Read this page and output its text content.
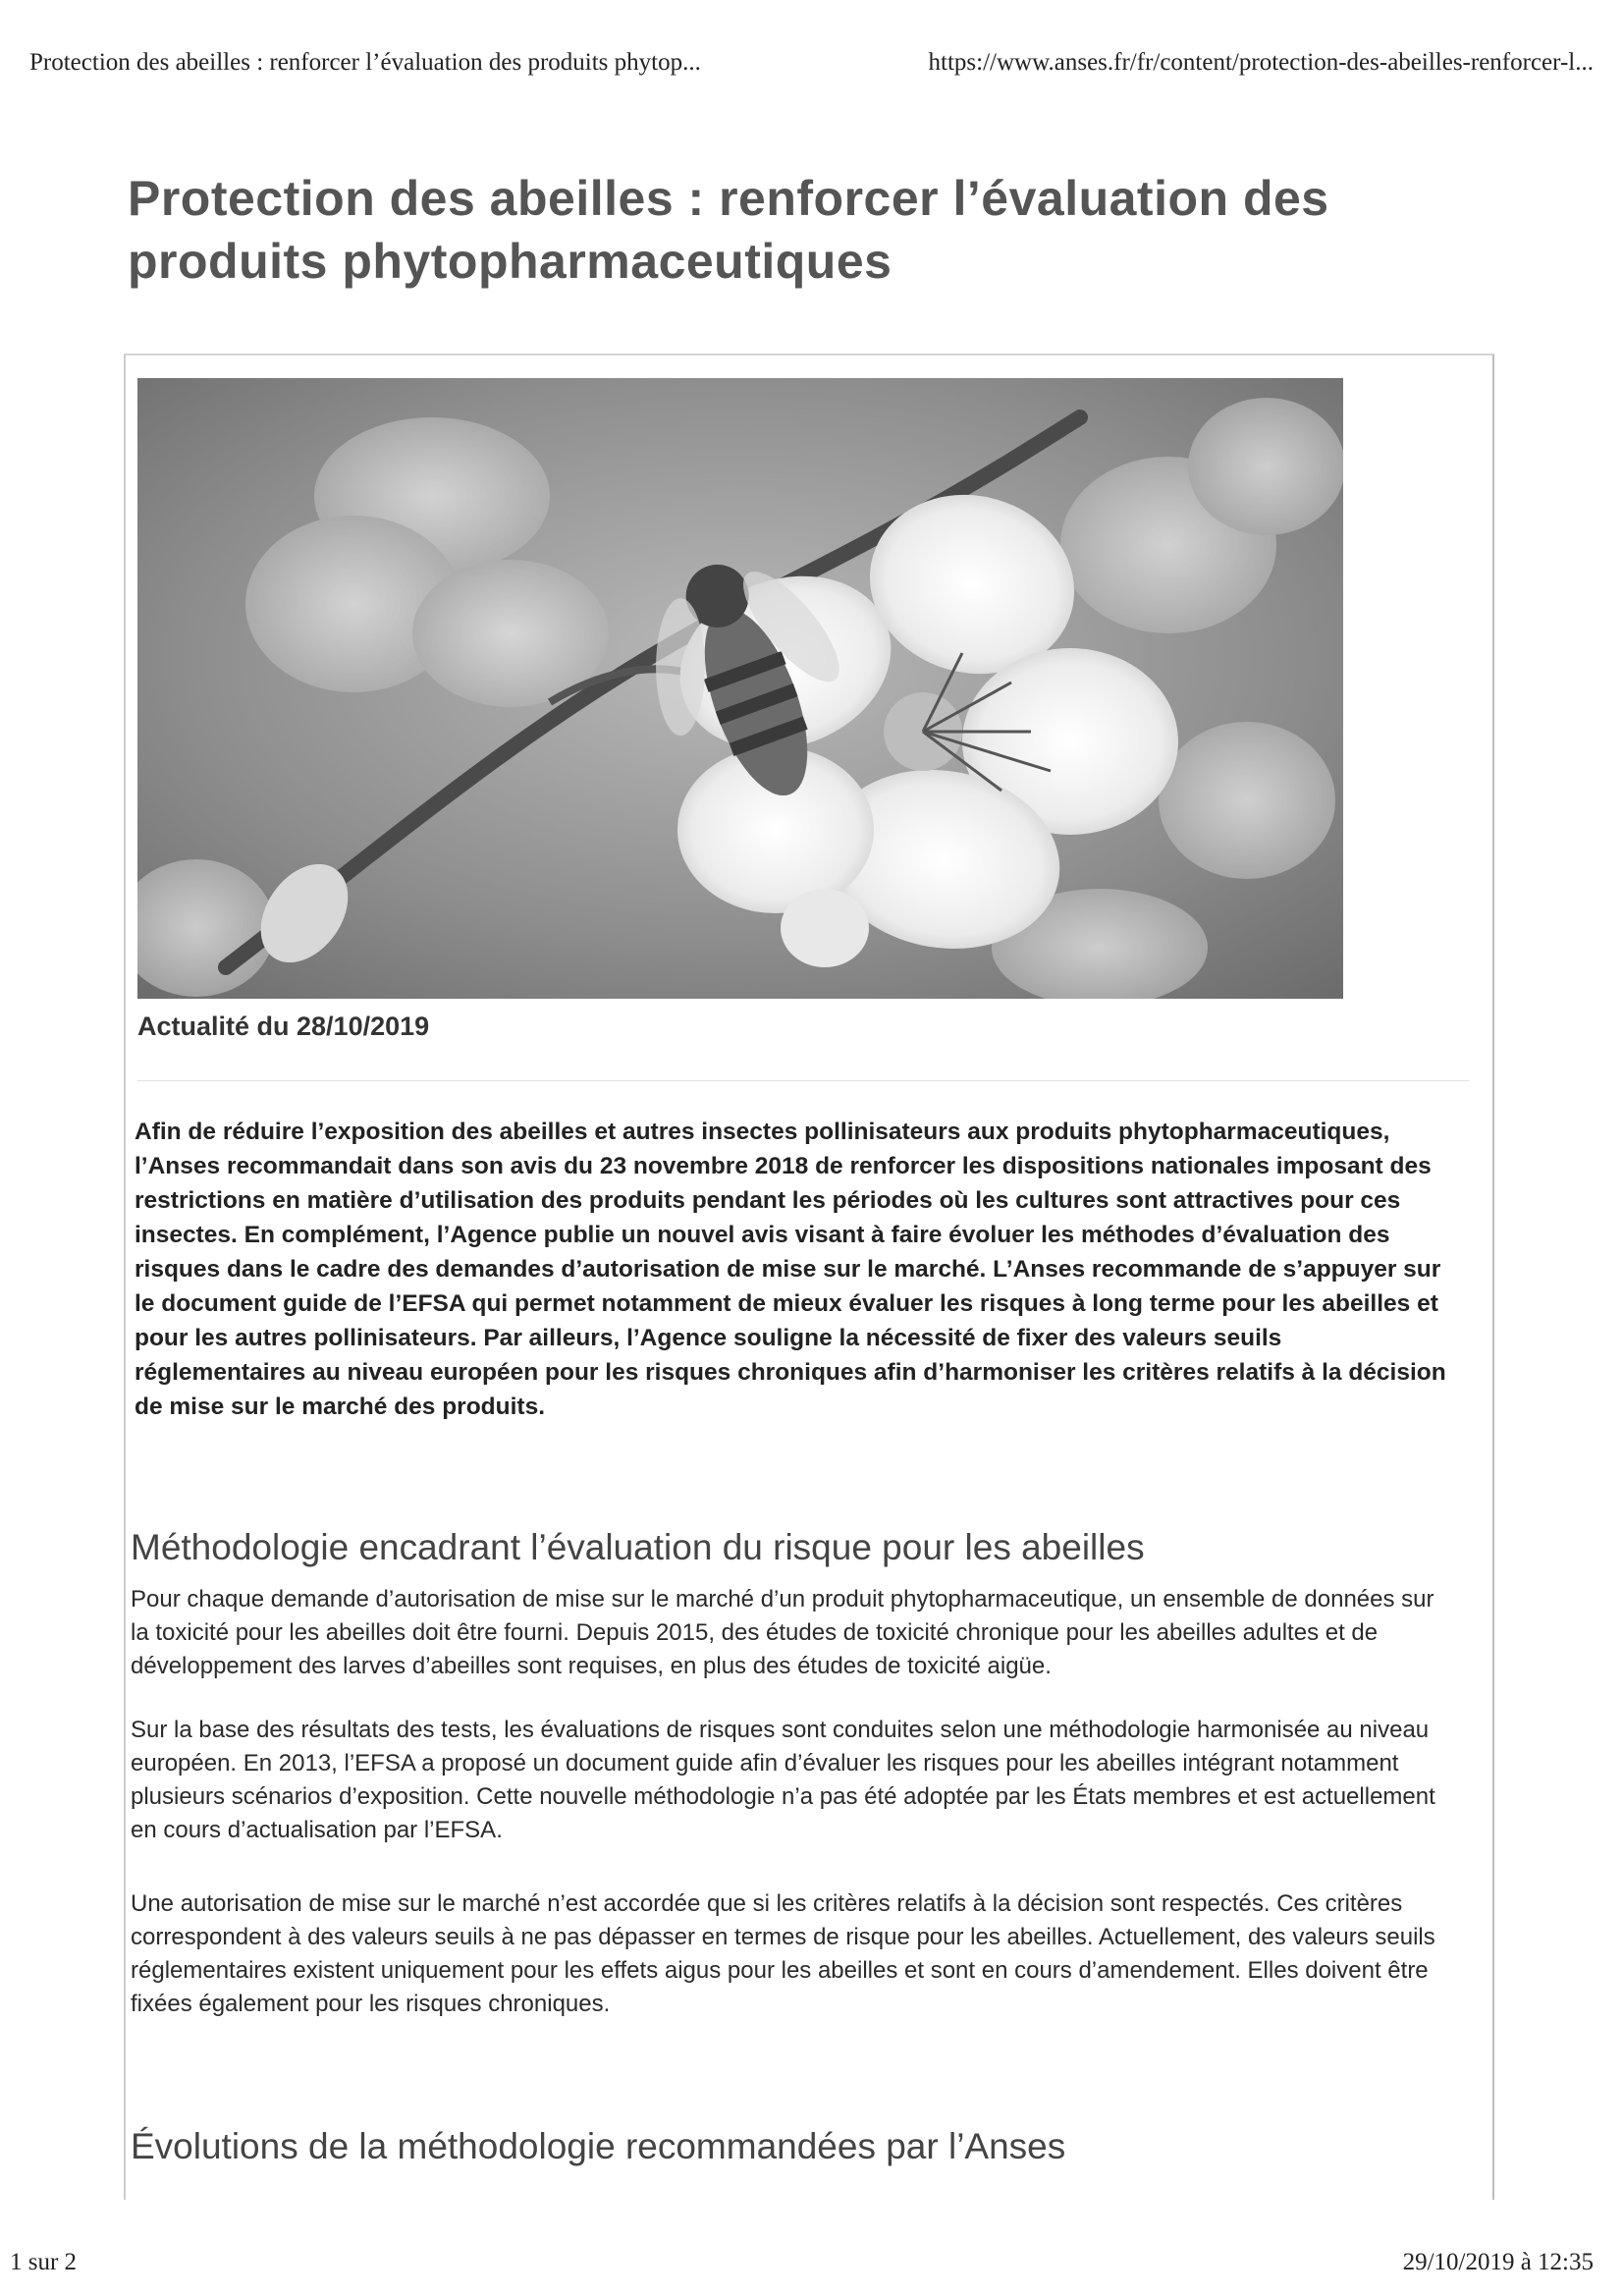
Protection des abeilles : renforcer l’évaluation des produits phytop...	https://www.anses.fr/fr/content/protection-des-abeilles-renforcer-l...
Protection des abeilles : renforcer l’évaluation des produits phytopharmaceutiques

Actualité du 28/10/2019

Afin de réduire l’exposition des abeilles et autres insectes pollinisateurs aux produits phytopharmaceutiques, l’Anses recommandait dans son avis du 23 novembre 2018 de renforcer les dispositions nationales imposant des restrictions en matière d’utilisation des produits pendant les périodes où les cultures sont attractives pour ces insectes. En complément, l’Agence publie un nouvel avis visant à faire évoluer les méthodes d’évaluation des risques dans le cadre des demandes d’autorisation de mise sur le marché. L’Anses recommande de s’appuyer sur le document guide de l’EFSA qui permet notamment de mieux évaluer les risques à long terme pour les abeilles et pour les autres pollinisateurs. Par ailleurs, l’Agence souligne la nécessité de fixer des valeurs seuils réglementaires au niveau européen pour les risques chroniques afin d’harmoniser les critères relatifs à la décision de mise sur le marché des produits.

Méthodologie encadrant l’évaluation du risque pour les abeilles

Pour chaque demande d’autorisation de mise sur le marché d’un produit phytopharmaceutique, un ensemble de données sur la toxicité pour les abeilles doit être fourni. Depuis 2015, des études de toxicité chronique pour les abeilles adultes et de développement des larves d’abeilles sont requises, en plus des études de toxicité aigüe.

Sur la base des résultats des tests, les évaluations de risques sont conduites selon une méthodologie harmonisée au niveau européen. En 2013, l’EFSA a proposé un document guide afin d’évaluer les risques pour les abeilles intégrant notamment plusieurs scénarios d’exposition. Cette nouvelle méthodologie n’a pas été adoptée par les États membres et est actuellement en cours d’actualisation par l’EFSA.

Une autorisation de mise sur le marché n’est accordée que si les critères relatifs à la décision sont respectés. Ces critères correspondent à des valeurs seuils à ne pas dépasser en termes de risque pour les abeilles. Actuellement, des valeurs seuils réglementaires existent uniquement pour les effets aigus pour les abeilles et sont en cours d’amendement. Elles doivent être fixées également pour les risques chroniques.

Évolutions de la méthodologie recommandées par l’Anses
1 sur 2	29/10/2019 à 12:35
